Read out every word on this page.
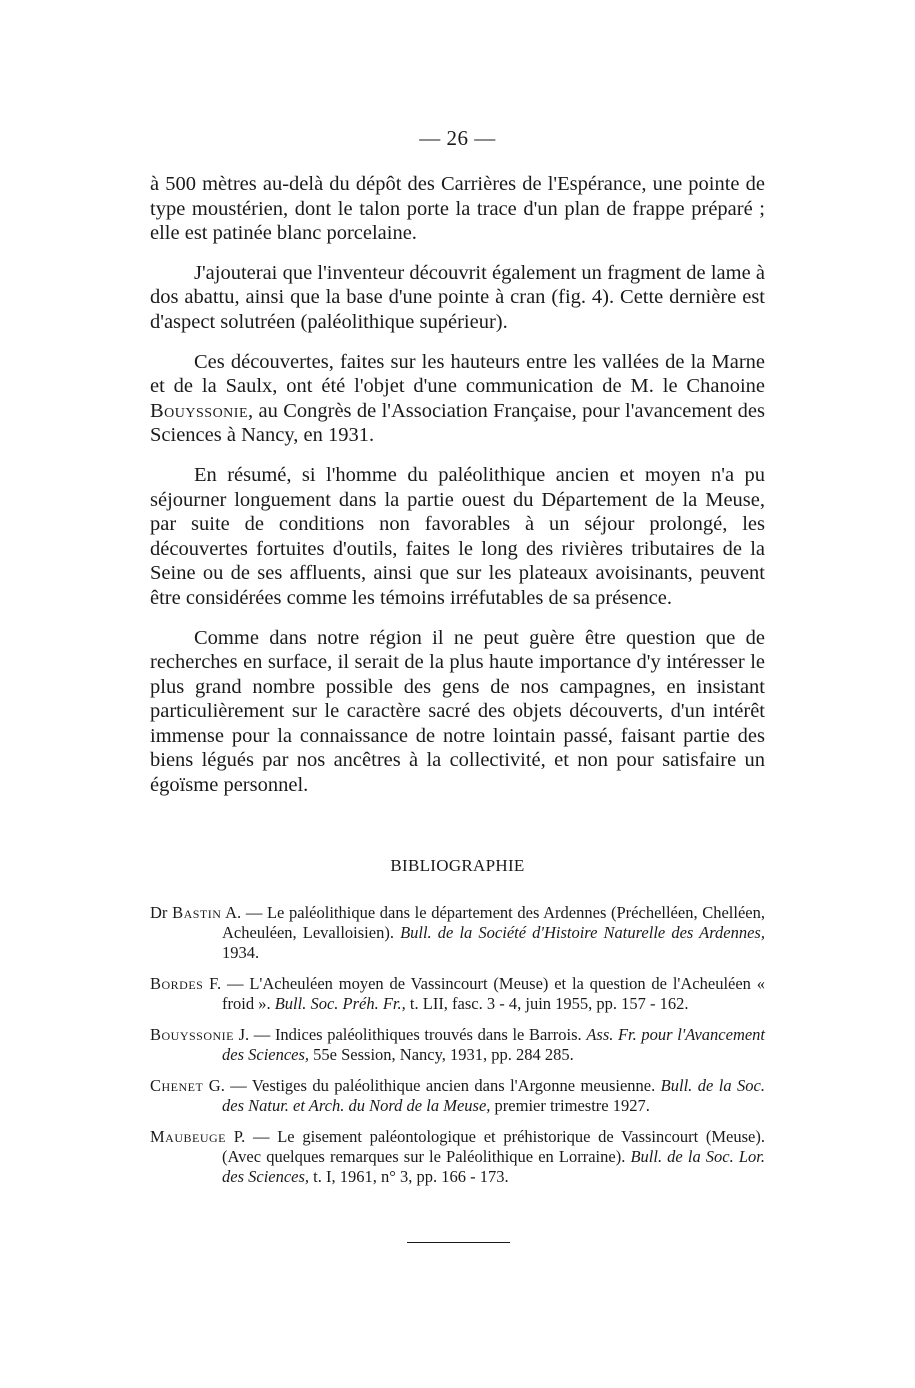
— 26 —

à 500 mètres au-delà du dépôt des Carrières de l'Espérance, une pointe de type moustérien, dont le talon porte la trace d'un plan de frappe préparé ; elle est patinée blanc porcelaine.

J'ajouterai que l'inventeur découvrit également un fragment de lame à dos abattu, ainsi que la base d'une pointe à cran (fig. 4). Cette dernière est d'aspect solutréen (paléolithique supérieur).

Ces découvertes, faites sur les hauteurs entre les vallées de la Marne et de la Saulx, ont été l'objet d'une communication de M. le Chanoine Bouyssonie, au Congrès de l'Association Française, pour l'avancement des Sciences à Nancy, en 1931.

En résumé, si l'homme du paléolithique ancien et moyen n'a pu séjourner longuement dans la partie ouest du Département de la Meuse, par suite de conditions non favorables à un séjour prolongé, les découvertes fortuites d'outils, faites le long des rivières tributaires de la Seine ou de ses affluents, ainsi que sur les plateaux avoisinants, peuvent être considérées comme les témoins irréfutables de sa présence.

Comme dans notre région il ne peut guère être question que de recherches en surface, il serait de la plus haute importance d'y intéresser le plus grand nombre possible des gens de nos campagnes, en insistant particulièrement sur le caractère sacré des objets découverts, d'un intérêt immense pour la connaissance de notre lointain passé, faisant partie des biens légués par nos ancêtres à la collectivité, et non pour satisfaire un égoïsme personnel.

BIBLIOGRAPHIE
Dr Bastin A. — Le paléolithique dans le département des Ardennes (Préchelléen, Chelléen, Acheuléen, Levalloisien). Bull. de la Société d'Histoire Naturelle des Ardennes, 1934.
Bordes F. — L'Acheuléen moyen de Vassincourt (Meuse) et la question de l'Acheuléen « froid ». Bull. Soc. Préh. Fr., t. LII, fasc. 3 - 4, juin 1955, pp. 157 - 162.
Bouyssonie J. — Indices paléolithiques trouvés dans le Barrois. Ass. Fr. pour l'Avancement des Sciences, 55e Session, Nancy, 1931, pp. 284 285.
Chenet G. — Vestiges du paléolithique ancien dans l'Argonne meusienne. Bull. de la Soc. des Natur. et Arch. du Nord de la Meuse, premier trimestre 1927.
Maubeuge P. — Le gisement paléontologique et préhistorique de Vassincourt (Meuse). (Avec quelques remarques sur le Paléolithique en Lorraine). Bull. de la Soc. Lor. des Sciences, t. I, 1961, n° 3, pp. 166 - 173.
